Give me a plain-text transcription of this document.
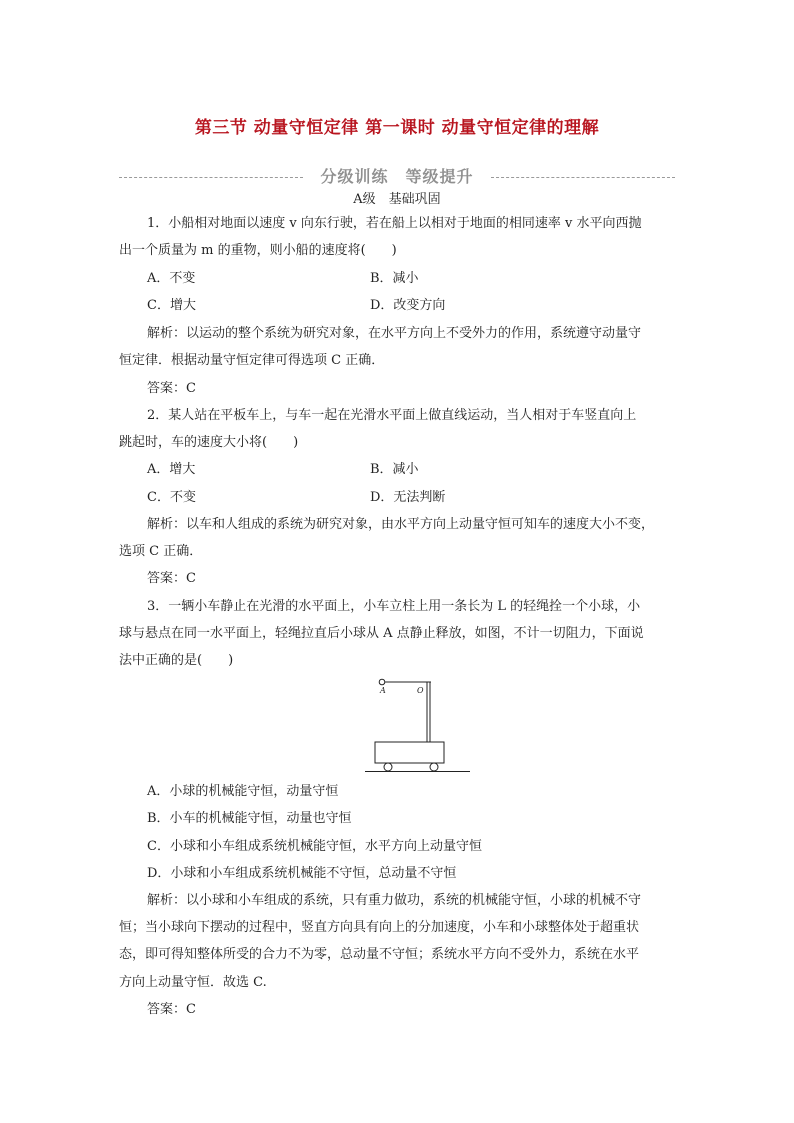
第三节 动量守恒定律 第一课时 动量守恒定律的理解
分级训练　等级提升
A级　基础巩固
1．小船相对地面以速度 v 向东行驶，若在船上以相对于地面的相同速率 v 水平向西抛
出一个质量为 m 的重物，则小船的速度将(　　)
A．不变	B．减小
C．增大	D．改变方向
解析：以运动的整个系统为研究对象，在水平方向上不受外力的作用，系统遵守动量守
恒定律．根据动量守恒定律可得选项 C 正确．
答案：C
2．某人站在平板车上，与车一起在光滑水平面上做直线运动，当人相对于车竖直向上
跳起时，车的速度大小将(　　)
A．增大	B．减小
C．不变	D．无法判断
解析：以车和人组成的系统为研究对象，由水平方向上动量守恒可知车的速度大小不变，
选项 C 正确．
答案：C
3．一辆小车静止在光滑的水平面上，小车立柱上用一条长为 L 的轻绳拴一个小球，小
球与悬点在同一水平面上，轻绳拉直后小球从 A 点静止释放，如图，不计一切阻力，下面说
法中正确的是(　　)
A	O
A．小球的机械能守恒，动量守恒
B．小车的机械能守恒，动量也守恒
C．小球和小车组成系统机械能守恒，水平方向上动量守恒
D．小球和小车组成系统机械能不守恒，总动量不守恒
解析：以小球和小车组成的系统，只有重力做功，系统的机械能守恒，小球的机械不守
恒；当小球向下摆动的过程中，竖直方向具有向上的分加速度，小车和小球整体处于超重状
态，即可得知整体所受的合力不为零，总动量不守恒；系统水平方向不受外力，系统在水平
方向上动量守恒．故选 C.
答案：C
